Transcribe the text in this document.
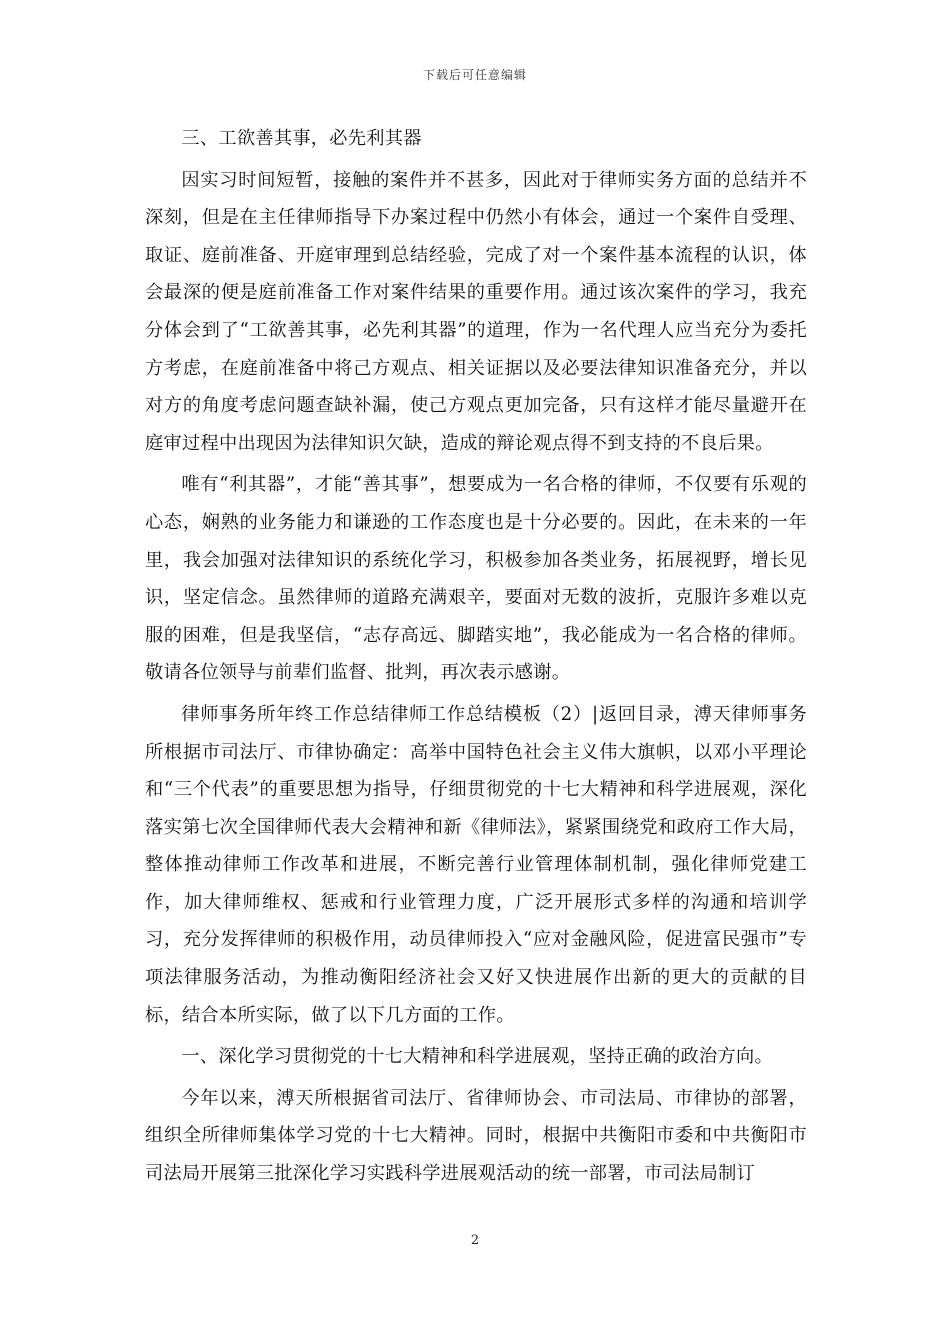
下载后可任意编辑

三、工欲善其事，必先利其器

因实习时间短暂，接触的案件并不甚多，因此对于律师实务方面的总结并不深刻，但是在主任律师指导下办案过程中仍然小有体会，通过一个案件自受理、取证、庭前准备、开庭审理到总结经验，完成了对一个案件基本流程的认识，体会最深的便是庭前准备工作对案件结果的重要作用。通过该次案件的学习，我充分体会到了“工欲善其事，必先利其器”的道理，作为一名代理人应当充分为委托方考虑，在庭前准备中将己方观点、相关证据以及必要法律知识准备充分，并以对方的角度考虑问题查缺补漏，使己方观点更加完备，只有这样才能尽量避开在庭审过程中出现因为法律知识欠缺，造成的辩论观点得不到支持的不良后果。

唯有“利其器”，才能“善其事”，想要成为一名合格的律师，不仅要有乐观的心态，娴熟的业务能力和谦逊的工作态度也是十分必要的。因此，在未来的一年里，我会加强对法律知识的系统化学习，积极参加各类业务，拓展视野，增长见识，坚定信念。虽然律师的道路充满艰辛，要面对无数的波折，克服许多难以克服的困难，但是我坚信，“志存高远、脚踏实地”，我必能成为一名合格的律师。敬请各位领导与前辈们监督、批判，再次表示感谢。

律师事务所年终工作总结律师工作总结模板（2）|返回目录，溥天律师事务所根据市司法厅、市律协确定：高举中国特色社会主义伟大旗帜，以邓小平理论和“三个代表”的重要思想为指导，仔细贯彻党的十七大精神和科学进展观，深化落实第七次全国律师代表大会精神和新《律师法》，紧紧围绕党和政府工作大局，整体推动律师工作改革和进展，不断完善行业管理体制机制，强化律师党建工作，加大律师维权、惩戒和行业管理力度，广泛开展形式多样的沟通和培训学习，充分发挥律师的积极作用，动员律师投入“应对金融风险，促进富民强市”专项法律服务活动，为推动衡阳经济社会又好又快进展作出新的更大的贡献的目标，结合本所实际，做了以下几方面的工作。

一、深化学习贯彻党的十七大精神和科学进展观，坚持正确的政治方向。

今年以来，溥天所根据省司法厅、省律师协会、市司法局、市律协的部署，组织全所律师集体学习党的十七大精神。同时，根据中共衡阳市委和中共衡阳市司法局开展第三批深化学习实践科学进展观活动的统一部署，市司法局制订

2
